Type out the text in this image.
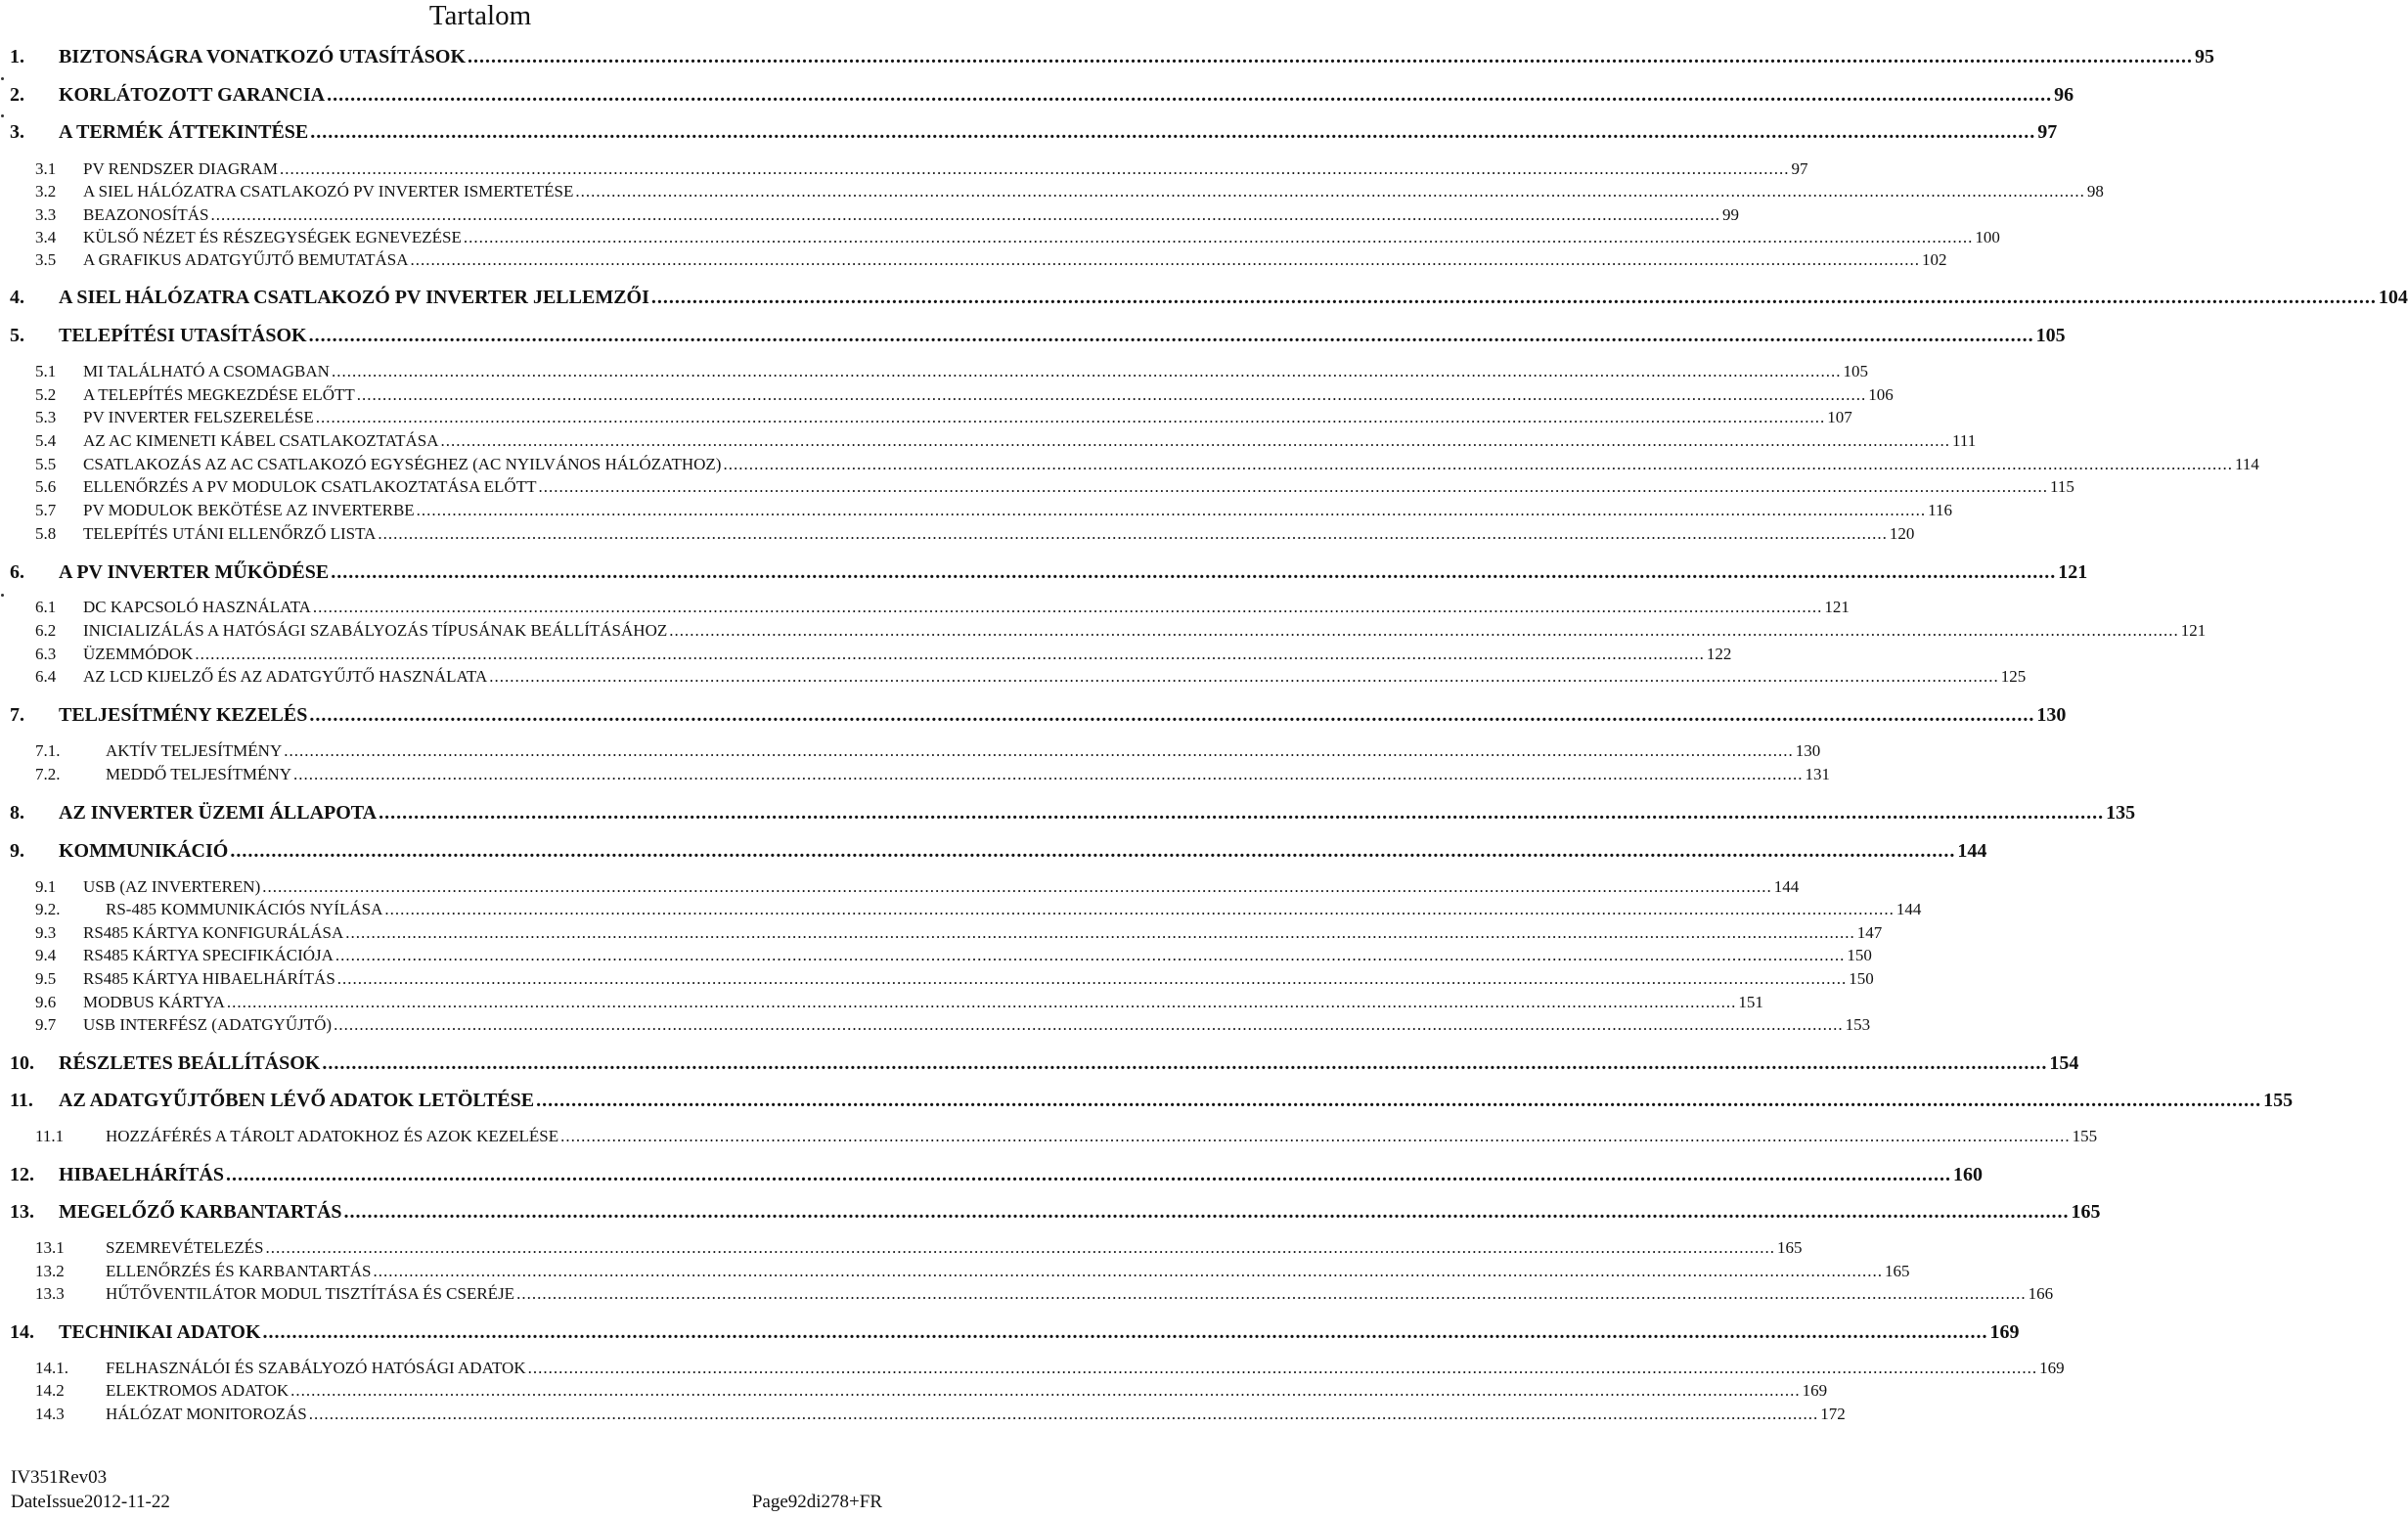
Tartalom
1.	BIZTONSÁGRA VONATKOZÓ UTASÍTÁSOK .....	95
2.	KORLÁTOZOTT GARANCIA .....	96
3.	A TERMÉK ÁTTEKINTÉSE .....	97
3.1	PV RENDSZER DIAGRAM .....	97
3.2	A SIEL HÁLÓZATRA CSATLAKOZÓ PV INVERTER ISMERTETÉSE .....	98
3.3	BEAZONOSÍTÁS .....	99
3.4	KÜLSŐ NÉZET ÉS RÉSZEGYSÉGEK EGNEVEZÉSE .....	100
3.5	A GRAFIKUS ADATGYŰJTŐ BEMUTATÁSA .....	102
4.	A SIEL HÁLÓZATRA CSATLAKOZÓ PV INVERTER JELLEMZŐI .....	104
5.	TELEPÍTÉSI UTASÍTÁSOK .....	105
5.1	MI TALÁLHATÓ A CSOMAGBAN .....	105
5.2	A TELEPÍTÉS MEGKEZDÉSE ELŐTT .....	106
5.3	PV INVERTER FELSZERELÉSE .....	107
5.4	AZ AC KIMENETI KÁBEL CSATLAKOZTATÁSA .....	111
5.5	CSATLAKOZÁS AZ AC CSATLAKOZÓ EGYSÉGHEZ (AC NYILVÁNOS HÁLÓZATHOZ) .....	114
5.6	ELLENŐRZÉS A PV MODULOK CSATLAKOZTATÁSA ELŐTT .....	115
5.7	PV MODULOK BEKÖTÉSE AZ INVERTERBE .....	116
5.8	TELEPÍTÉS UTÁNI ELLENŐRZŐ LISTA .....	120
6.	A PV INVERTER MŰKÖDÉSE .....	121
6.1	DC KAPCSOLÓ HASZNÁLATA .....	121
6.2	INICIALIZÁLÁS A HATÓSÁGI SZABÁLYOZÁS TÍPUSÁNAK BEÁLLÍTÁSÁHOZ .....	121
6.3	ÜZEMMÓDOK .....	122
6.4	AZ LCD KIJELZŐ ÉS AZ ADATGYŰJTŐ HASZNÁLATA .....	125
7.	TELJESÍTMÉNY KEZELÉS .....	130
7.1.	AKTÍV TELJESÍTMÉNY .....	130
7.2.	MEDDŐ TELJESÍTMÉNY .....	131
8.	AZ INVERTER ÜZEMI ÁLLAPOTA .....	135
9.	KOMMUNIKÁCIÓ .....	144
9.1	USB (AZ INVERTEREN) .....	144
9.2.	RS-485 KOMMUNIKÁCIÓS NYÍLÁSA .....	144
9.3	RS485 KÁRTYA KONFIGURÁLÁSA .....	147
9.4	RS485 KÁRTYA SPECIFIKÁCIÓJA .....	150
9.5	RS485 KÁRTYA HIBAELHÁRÍTÁS .....	150
9.6	MODBUS KÁRTYA .....	151
9.7	USB INTERFÉSZ (ADATGYŰJTŐ) .....	153
10.	RÉSZLETES BEÁLLÍTÁSOK .....	154
11.	AZ ADATGYŰJTŐBEN LÉVŐ ADATOK LETÖLTÉSE .....	155
11.1	HOZZÁFÉRÉS A TÁROLT ADATOKHOZ ÉS AZOK KEZELÉSE .....	155
12.	HIBAELHÁRÍTÁS .....	160
13.	MEGELŐZŐ KARBANTARTÁS .....	165
13.1	SZEMREVÉTELEZÉS .....	165
13.2	ELLENŐRZÉS ÉS KARBANTARTÁS .....	165
13.3	HŰTŐVENTILÁTOR MODUL TISZTÍTÁSA ÉS CSERÉJE .....	166
14.	TECHNIKAI ADATOK .....	169
14.1.	FELHASZNÁLÓI ÉS SZABÁLYOZÓ HATÓSÁGI ADATOK .....	169
14.2	ELEKTROMOS ADATOK .....	169
14.3	HÁLÓZAT MONITOROZÁS .....	172
IV351Rev03
DateIssue2012-11-22	Page92di278+FR
